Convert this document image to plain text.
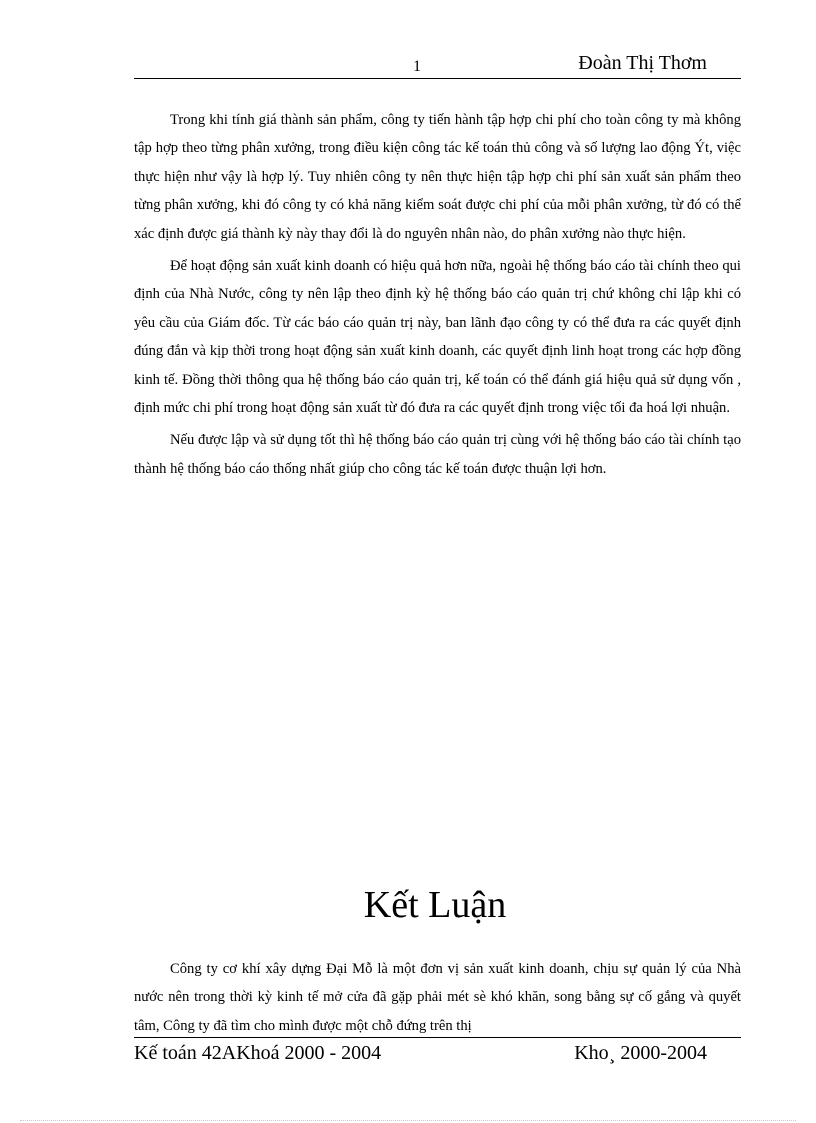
1	Đoàn Thị Thơm

Trong khi tính giá thành sản phẩm, công ty tiến hành tập hợp chi phí cho toàn công ty mà không tập hợp theo từng phân xưởng, trong điều kiện công tác kế toán thủ công và số lượng lao động Ýt, việc thực hiện như vậy là hợp lý. Tuy nhiên công ty nên thực hiện tập hợp chi phí sản xuất sản phẩm theo từng phân xưởng, khi đó công ty có khả năng kiểm soát được chi phí của mỗi phân xưởng, từ đó có thể xác định được giá thành kỳ này thay đổi là do nguyên nhân nào, do phân xưởng nào thực hiện.

Để hoạt động sản xuất kinh doanh có hiệu quả hơn nữa, ngoài hệ thống báo cáo tài chính theo qui định của Nhà Nước, công ty nên lập theo định kỳ hệ thống báo cáo quản trị chứ không chỉ lập khi có yêu cầu của Giám đốc. Từ các báo cáo quản trị này, ban lãnh đạo công ty có thể đưa ra các quyết định đúng đắn và kịp thời trong hoạt động sản xuất kinh doanh, các quyết định linh hoạt trong các hợp đồng kinh tế. Đồng thời thông qua hệ thống báo cáo quản trị, kế toán có thể đánh giá hiệu quả sử dụng vốn , định mức chi phí trong hoạt động sản xuất từ đó đưa ra các quyết định trong việc tối đa hoá lợi nhuận.

Nếu được lập và sử dụng tốt thì hệ thống báo cáo quản trị cùng với hệ thống báo cáo tài chính tạo thành hệ thống báo cáo thống nhất giúp cho công tác kế toán được thuận lợi hơn.

Kết Luận

Công ty cơ khí xây dựng Đại Mỗ là một đơn vị sản xuất kinh doanh, chịu sự quản lý của Nhà nước nên trong thời kỳ kinh tế mở cửa đã gặp phải mét sè khó khăn, song bằng sự cố gắng và quyết tâm, Công ty đã tìm cho mình được một chỗ đứng trên thị

Kế toán 42AKhoá 2000 - 2004	Kho¸ 2000-2004
